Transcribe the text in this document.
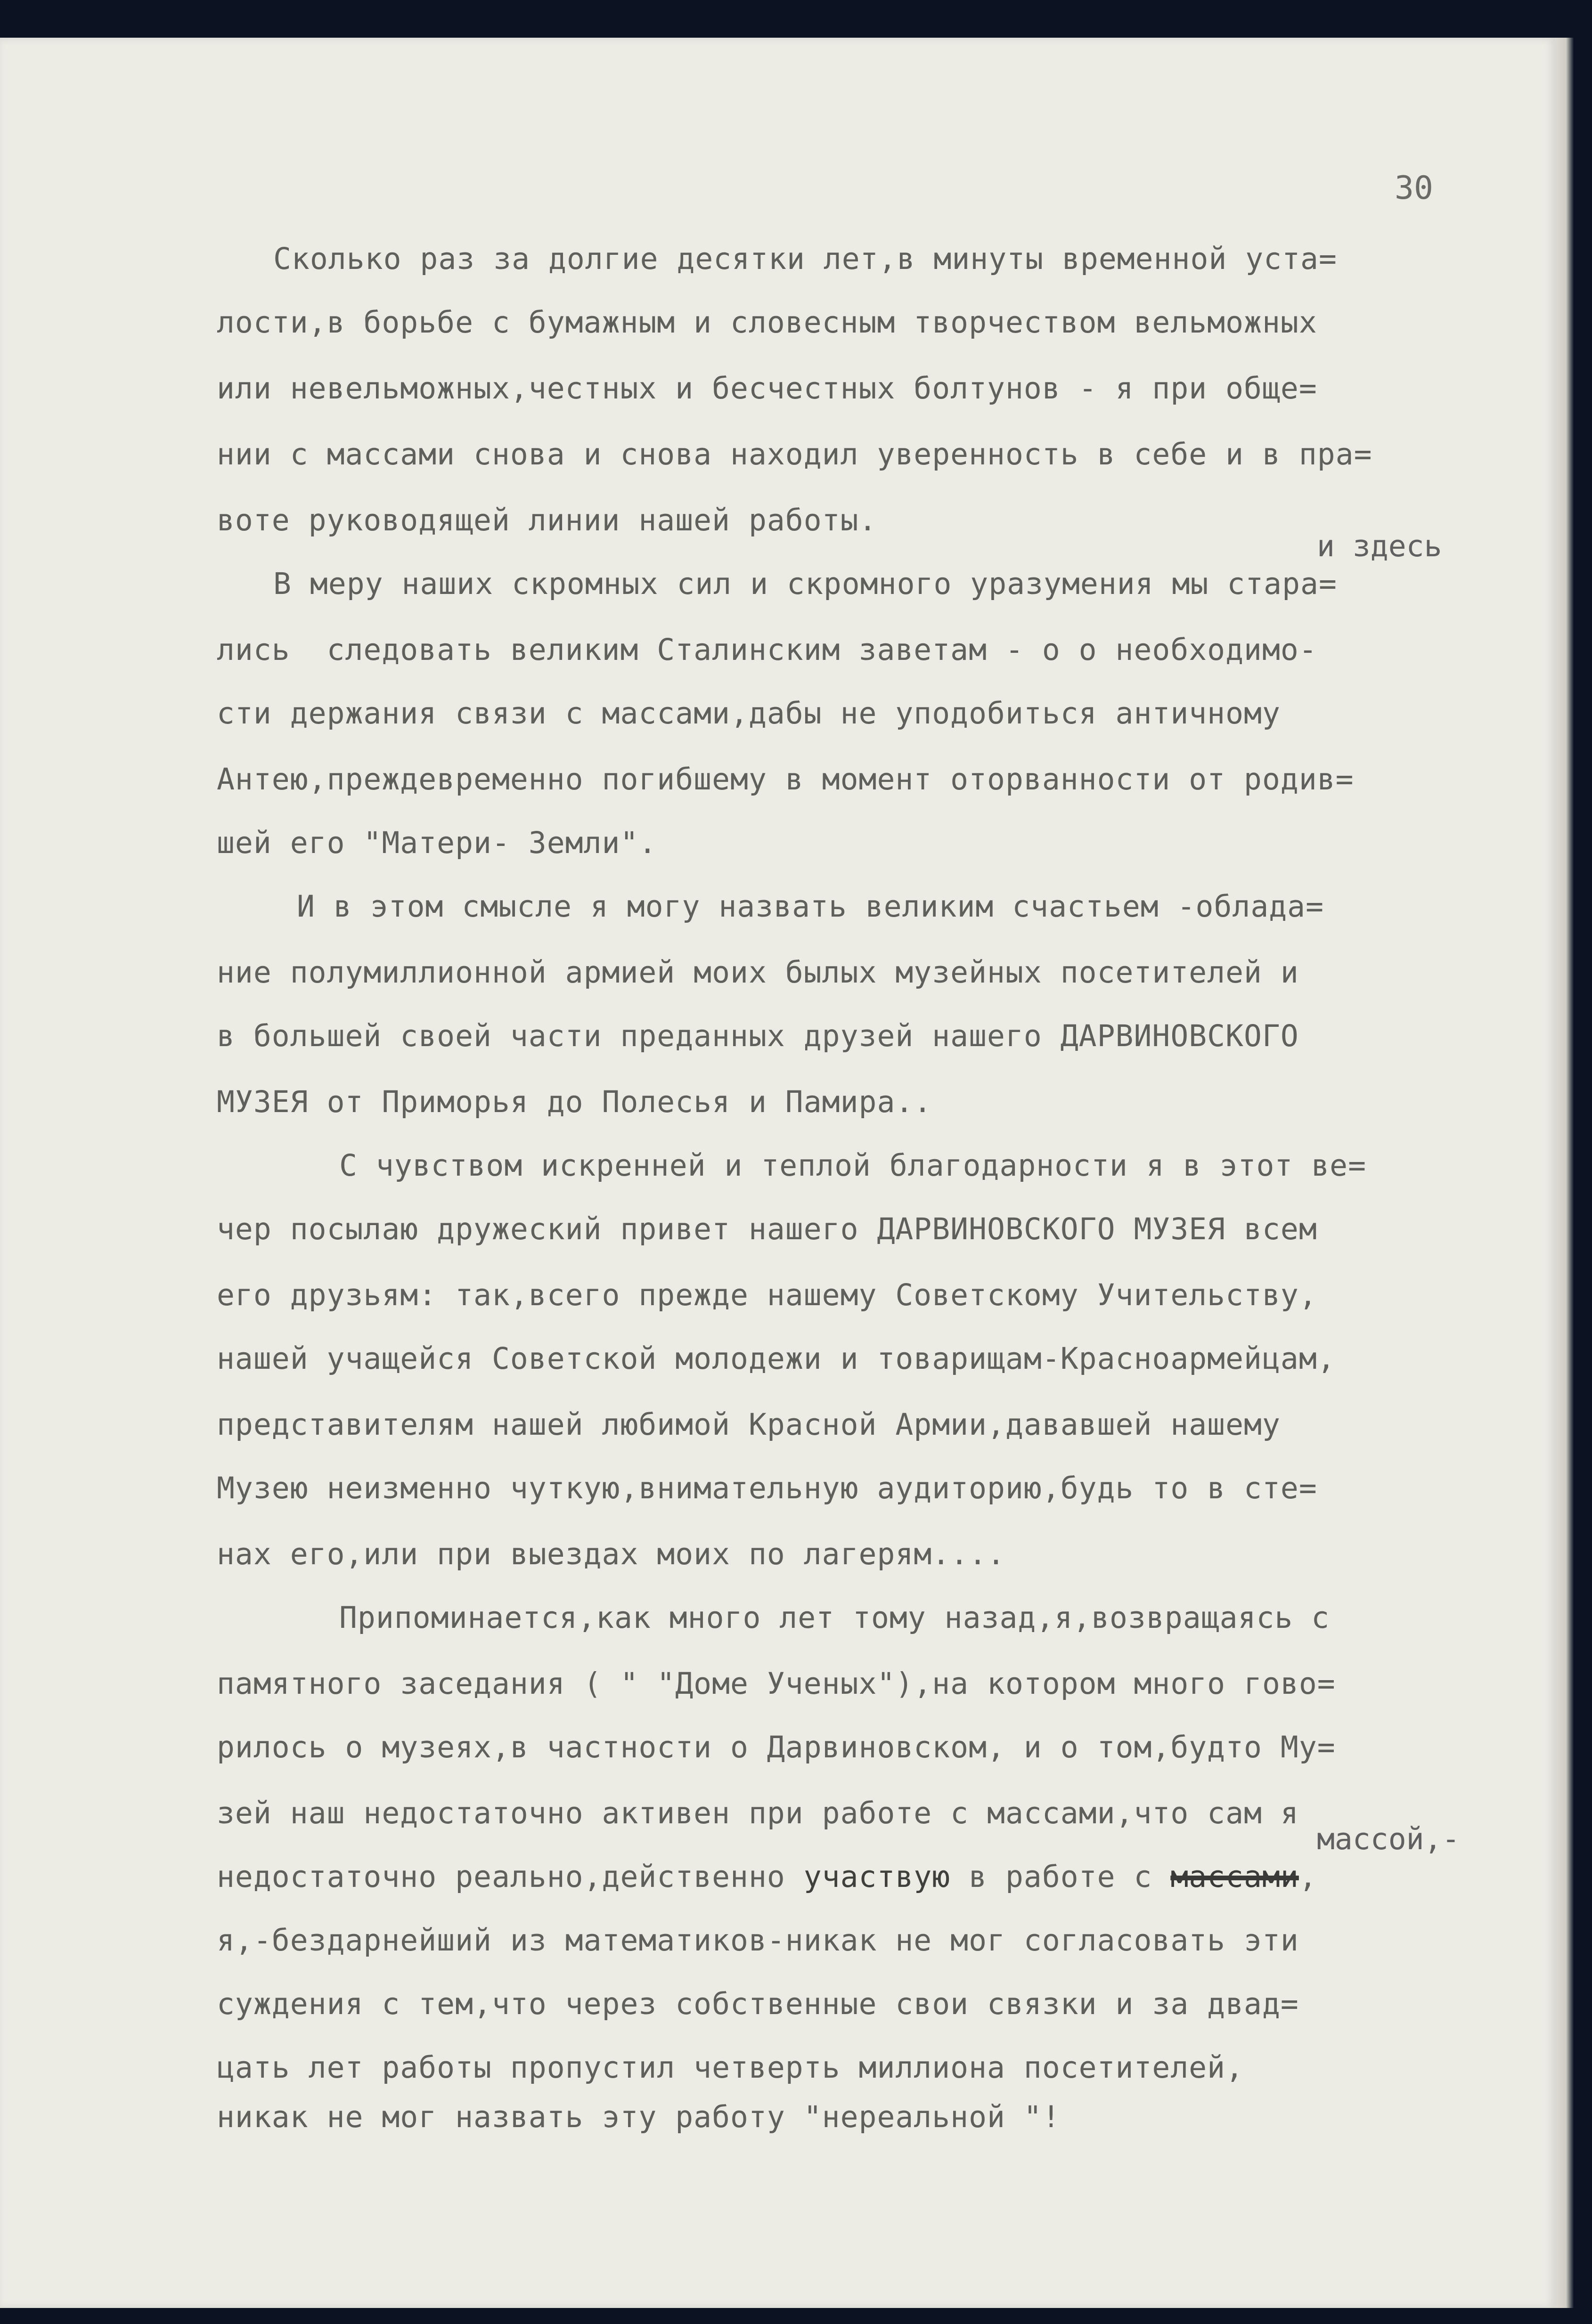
30
и здесь
массой,-
Сколько раз за долгие десятки лет,в минуты временной уста=
лости,в борьбе с бумажным и словесным творчеством вельможных
или невельможных,честных и бесчестных болтунов - я при обще=
нии с массами снова и снова находил уверенность в себе и в пра=
воте руководящей линии нашей работы.
В меру наших скромных сил и скромного уразумения мы стара=
лись  следовать великим Сталинским заветам - о о необходимо-
сти держания связи с массами,дабы не уподобиться античному
Антею,преждевременно погибшему в момент оторванности от родив=
шей его "Матери- Земли".
И в этом смысле я могу назвать великим счастьем -облада=
ние полумиллионной армией моих былых музейных посетителей и
в большей своей части преданных друзей нашего ДАРВИНОВСКОГО
МУЗЕЯ от Приморья до Полесья и Памира..
С чувством искренней и теплой благодарности я в этот ве=
чер посылаю дружеский привет нашего ДАРВИНОВСКОГО МУЗЕЯ всем
его друзьям: так,всего прежде нашему Советскому Учительству,
нашей учащейся Советской молодежи и товарищам-Красноармейцам,
представителям нашей любимой Красной Армии,дававшей нашему
Музею неизменно чуткую,внимательную аудиторию,будь то в сте=
нах его,или при выездах моих по лагерям....
Припоминается,как много лет тому назад,я,возвращаясь с
памятного заседания ( " "Доме Ученых"),на котором много гово=
рилось о музеях,в частности о Дарвиновском, и о том,будто Му=
зей наш недостаточно активен при работе с массами,что сам я
недостаточно реально,действенно участвую в работе с массами,
я,-бездарнейший из математиков-никак не мог согласовать эти
суждения с тем,что через собственные свои связки и за двад=
цать лет работы пропустил четверть миллиона посетителей,
никак не мог назвать эту работу "нереальной "!
